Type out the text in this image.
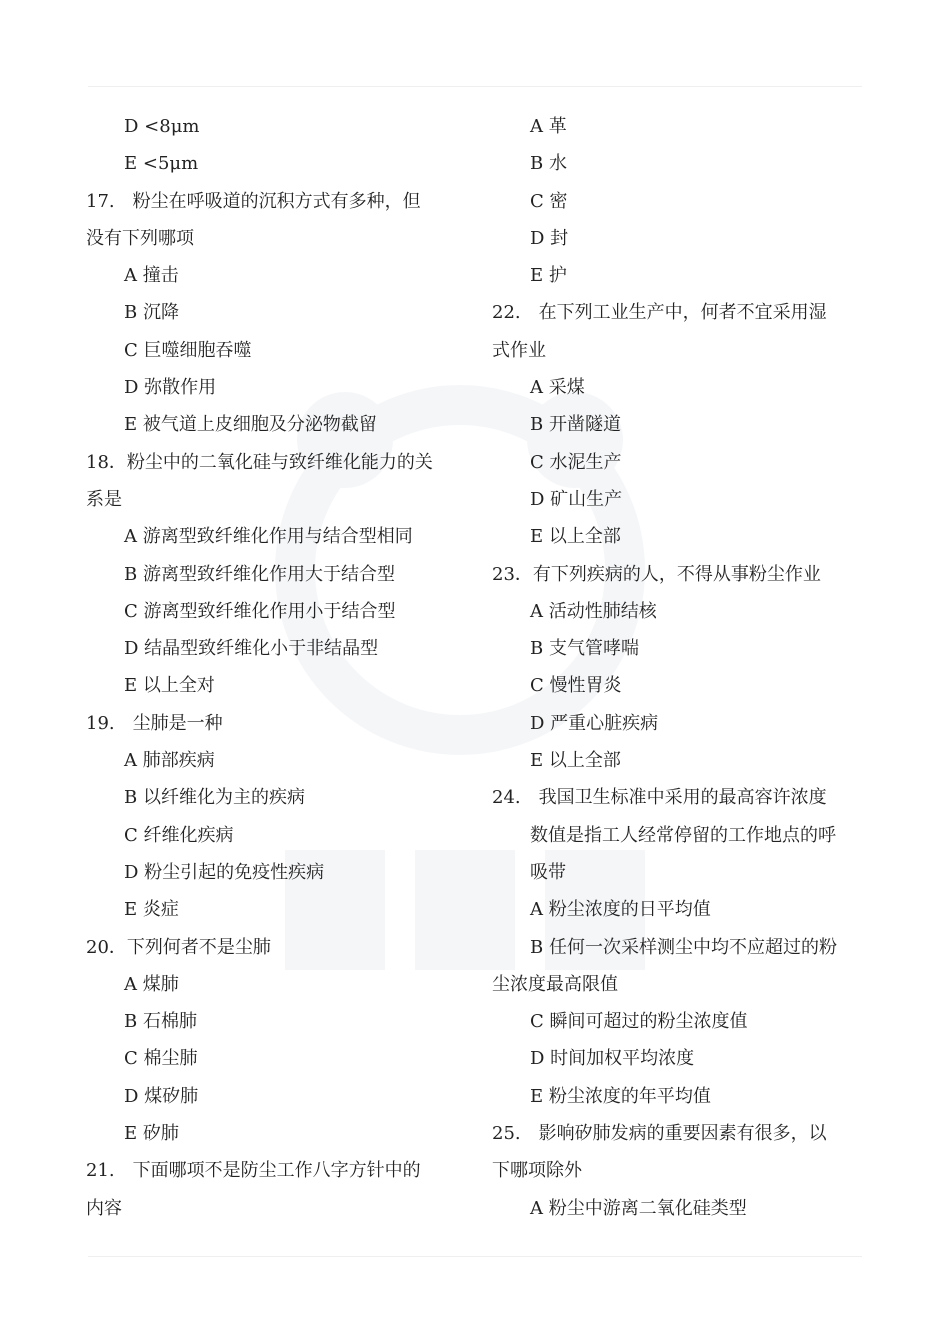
D <8μm
E <5μm
17.　粉尘在呼吸道的沉积方式有多种，但
没有下列哪项
A 撞击
B 沉降
C 巨噬细胞吞噬
D 弥散作用
E 被气道上皮细胞及分泌物截留
18．粉尘中的二氧化硅与致纤维化能力的关
系是
A 游离型致纤维化作用与结合型相同
B 游离型致纤维化作用大于结合型
C 游离型致纤维化作用小于结合型
D 结晶型致纤维化小于非结晶型
E 以上全对
19.　尘肺是一种
A 肺部疾病
B 以纤维化为主的疾病
C 纤维化疾病
D 粉尘引起的免疫性疾病
E 炎症
20．下列何者不是尘肺
A 煤肺
B 石棉肺
C 棉尘肺
D 煤矽肺
E 矽肺
21.　下面哪项不是防尘工作八字方针中的
内容
A 革
B 水
C 密
D 封
E 护
22.　在下列工业生产中，何者不宜采用湿
式作业
A 采煤
B 开凿隧道
C 水泥生产
D 矿山生产
E 以上全部
23．有下列疾病的人，不得从事粉尘作业
A 活动性肺结核
B 支气管哮喘
C 慢性胃炎
D 严重心脏疾病
E 以上全部
24.　我国卫生标准中采用的最高容许浓度
数值是指工人经常停留的工作地点的呼
吸带
A 粉尘浓度的日平均值
B 任何一次采样测尘中均不应超过的粉
尘浓度最高限值
C 瞬间可超过的粉尘浓度值
D 时间加权平均浓度
E 粉尘浓度的年平均值
25.　影响矽肺发病的重要因素有很多，以
下哪项除外
A 粉尘中游离二氧化硅类型
